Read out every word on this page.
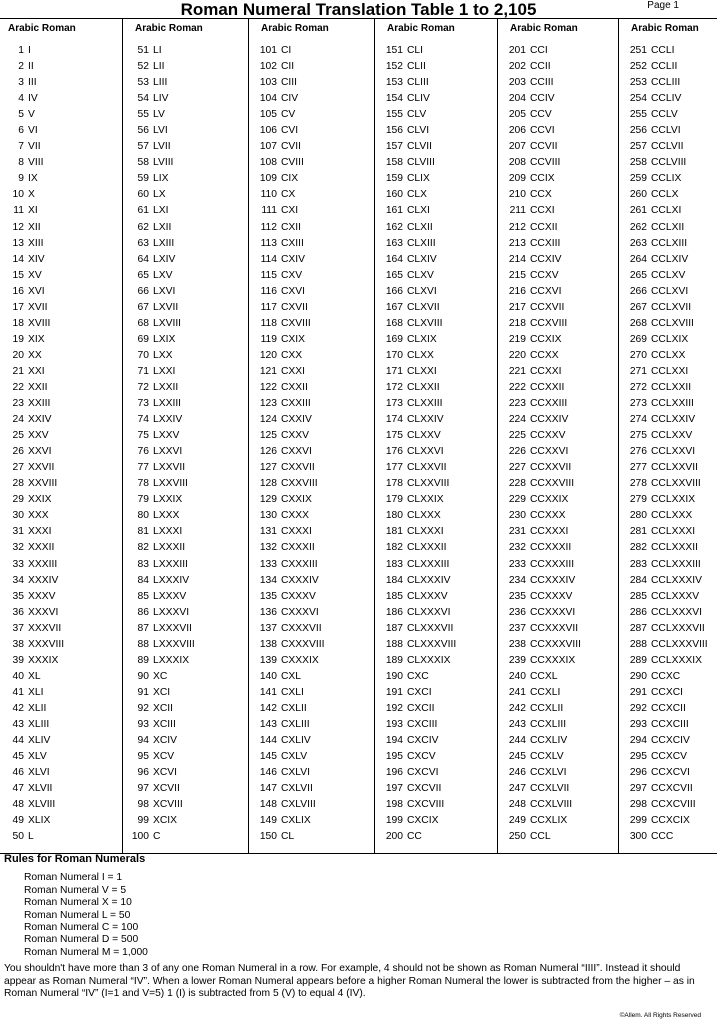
Roman Numeral Translation Table 1 to 2,105	Page 1
Arabic Roman
1 I
2 II
3 III
4 IV
5 V
6 VI
7 VII
8 VIII
9 IX
10 X
11 XI
12 XII
13 XIII
14 XIV
15 XV
16 XVI
17 XVII
18 XVIII
19 XIX
20 XX
21 XXI
22 XXII
23 XXIII
24 XXIV
25 XXV
26 XXVI
27 XXVII
28 XXVIII
29 XXIX
30 XXX
31 XXXI
32 XXXII
33 XXXIII
34 XXXIV
35 XXXV
36 XXXVI
37 XXXVII
38 XXXVIII
39 XXXIX
40 XL
41 XLI
42 XLII
43 XLIII
44 XLIV
45 XLV
46 XLVI
47 XLVII
48 XLVIII
49 XLIX
50 L
Arabic Roman
51 LI
52 LII
53 LIII
54 LIV
55 LV
56 LVI
57 LVII
58 LVIII
59 LIX
60 LX
61 LXI
62 LXII
63 LXIII
64 LXIV
65 LXV
66 LXVI
67 LXVII
68 LXVIII
69 LXIX
70 LXX
71 LXXI
72 LXXII
73 LXXIII
74 LXXIV
75 LXXV
76 LXXVI
77 LXXVII
78 LXXVIII
79 LXXIX
80 LXXX
81 LXXXI
82 LXXXII
83 LXXXIII
84 LXXXIV
85 LXXXV
86 LXXXVI
87 LXXXVII
88 LXXXVIII
89 LXXXIX
90 XC
91 XCI
92 XCII
93 XCIII
94 XCIV
95 XCV
96 XCVI
97 XCVII
98 XCVIII
99 XCIX
100 C
Arabic Roman
101 CI
102 CII
103 CIII
104 CIV
105 CV
106 CVI
107 CVII
108 CVIII
109 CIX
110 CX
111 CXI
112 CXII
113 CXIII
114 CXIV
115 CXV
116 CXVI
117 CXVII
118 CXVIII
119 CXIX
120 CXX
121 CXXI
122 CXXII
123 CXXIII
124 CXXIV
125 CXXV
126 CXXVI
127 CXXVII
128 CXXVIII
129 CXXIX
130 CXXX
131 CXXXI
132 CXXXII
133 CXXXIII
134 CXXXIV
135 CXXXV
136 CXXXVI
137 CXXXVII
138 CXXXVIII
139 CXXXIX
140 CXL
141 CXLI
142 CXLII
143 CXLIII
144 CXLIV
145 CXLV
146 CXLVI
147 CXLVII
148 CXLVIII
149 CXLIX
150 CL
Arabic Roman
151 CLI
152 CLII
153 CLIII
154 CLIV
155 CLV
156 CLVI
157 CLVII
158 CLVIII
159 CLIX
160 CLX
161 CLXI
162 CLXII
163 CLXIII
164 CLXIV
165 CLXV
166 CLXVI
167 CLXVII
168 CLXVIII
169 CLXIX
170 CLXX
171 CLXXI
172 CLXXII
173 CLXXIII
174 CLXXIV
175 CLXXV
176 CLXXVI
177 CLXXVII
178 CLXXVIII
179 CLXXIX
180 CLXXX
181 CLXXXI
182 CLXXXII
183 CLXXXIII
184 CLXXXIV
185 CLXXXV
186 CLXXXVI
187 CLXXXVII
188 CLXXXVIII
189 CLXXXIX
190 CXC
191 CXCI
192 CXCII
193 CXCIII
194 CXCIV
195 CXCV
196 CXCVI
197 CXCVII
198 CXCVIII
199 CXCIX
200 CC
Arabic Roman
201 CCI
202 CCII
203 CCIII
204 CCIV
205 CCV
206 CCVI
207 CCVII
208 CCVIII
209 CCIX
210 CCX
211 CCXI
212 CCXII
213 CCXIII
214 CCXIV
215 CCXV
216 CCXVI
217 CCXVII
218 CCXVIII
219 CCXIX
220 CCXX
221 CCXXI
222 CCXXII
223 CCXXIII
224 CCXXIV
225 CCXXV
226 CCXXVI
227 CCXXVII
228 CCXXVIII
229 CCXXIX
230 CCXXX
231 CCXXXI
232 CCXXXII
233 CCXXXIII
234 CCXXXIV
235 CCXXXV
236 CCXXXVI
237 CCXXXVII
238 CCXXXVIII
239 CCXXXIX
240 CCXL
241 CCXLI
242 CCXLII
243 CCXLIII
244 CCXLIV
245 CCXLV
246 CCXLVI
247 CCXLVII
248 CCXLVIII
249 CCXLIX
250 CCL
Arabic Roman
251 CCLI
252 CCLII
253 CCLIII
254 CCLIV
255 CCLV
256 CCLVI
257 CCLVII
258 CCLVIII
259 CCLIX
260 CCLX
261 CCLXI
262 CCLXII
263 CCLXIII
264 CCLXIV
265 CCLXV
266 CCLXVI
267 CCLXVII
268 CCLXVIII
269 CCLXIX
270 CCLXX
271 CCLXXI
272 CCLXXII
273 CCLXXIII
274 CCLXXIV
275 CCLXXV
276 CCLXXVI
277 CCLXXVII
278 CCLXXVIII
279 CCLXXIX
280 CCLXXX
281 CCLXXXI
282 CCLXXXII
283 CCLXXXIII
284 CCLXXXIV
285 CCLXXXV
286 CCLXXXVI
287 CCLXXXVII
288 CCLXXXVIII
289 CCLXXXIX
290 CCXC
291 CCXCI
292 CCXCII
293 CCXCIII
294 CCXCIV
295 CCXCV
296 CCXCVI
297 CCXCVII
298 CCXCVIII
299 CCXCIX
300 CCC
Rules for Roman Numerals
Roman Numeral I = 1
Roman Numeral V = 5
Roman Numeral X = 10
Roman Numeral L = 50
Roman Numeral C = 100
Roman Numeral D = 500
Roman Numeral M = 1,000
You shouldn't have more than 3 of any one Roman Numeral in a row. For example, 4 should not be shown as Roman Numeral “IIII”. Instead it should appear as Roman Numeral “IV”. When a lower Roman Numeral appears before a higher Roman Numeral the lower is subtracted from the higher – as in Roman Numeral “IV” (I=1 and V=5) 1 (I) is subtracted from 5 (V) to equal 4 (IV).
©Allem. All Rights Reserved
